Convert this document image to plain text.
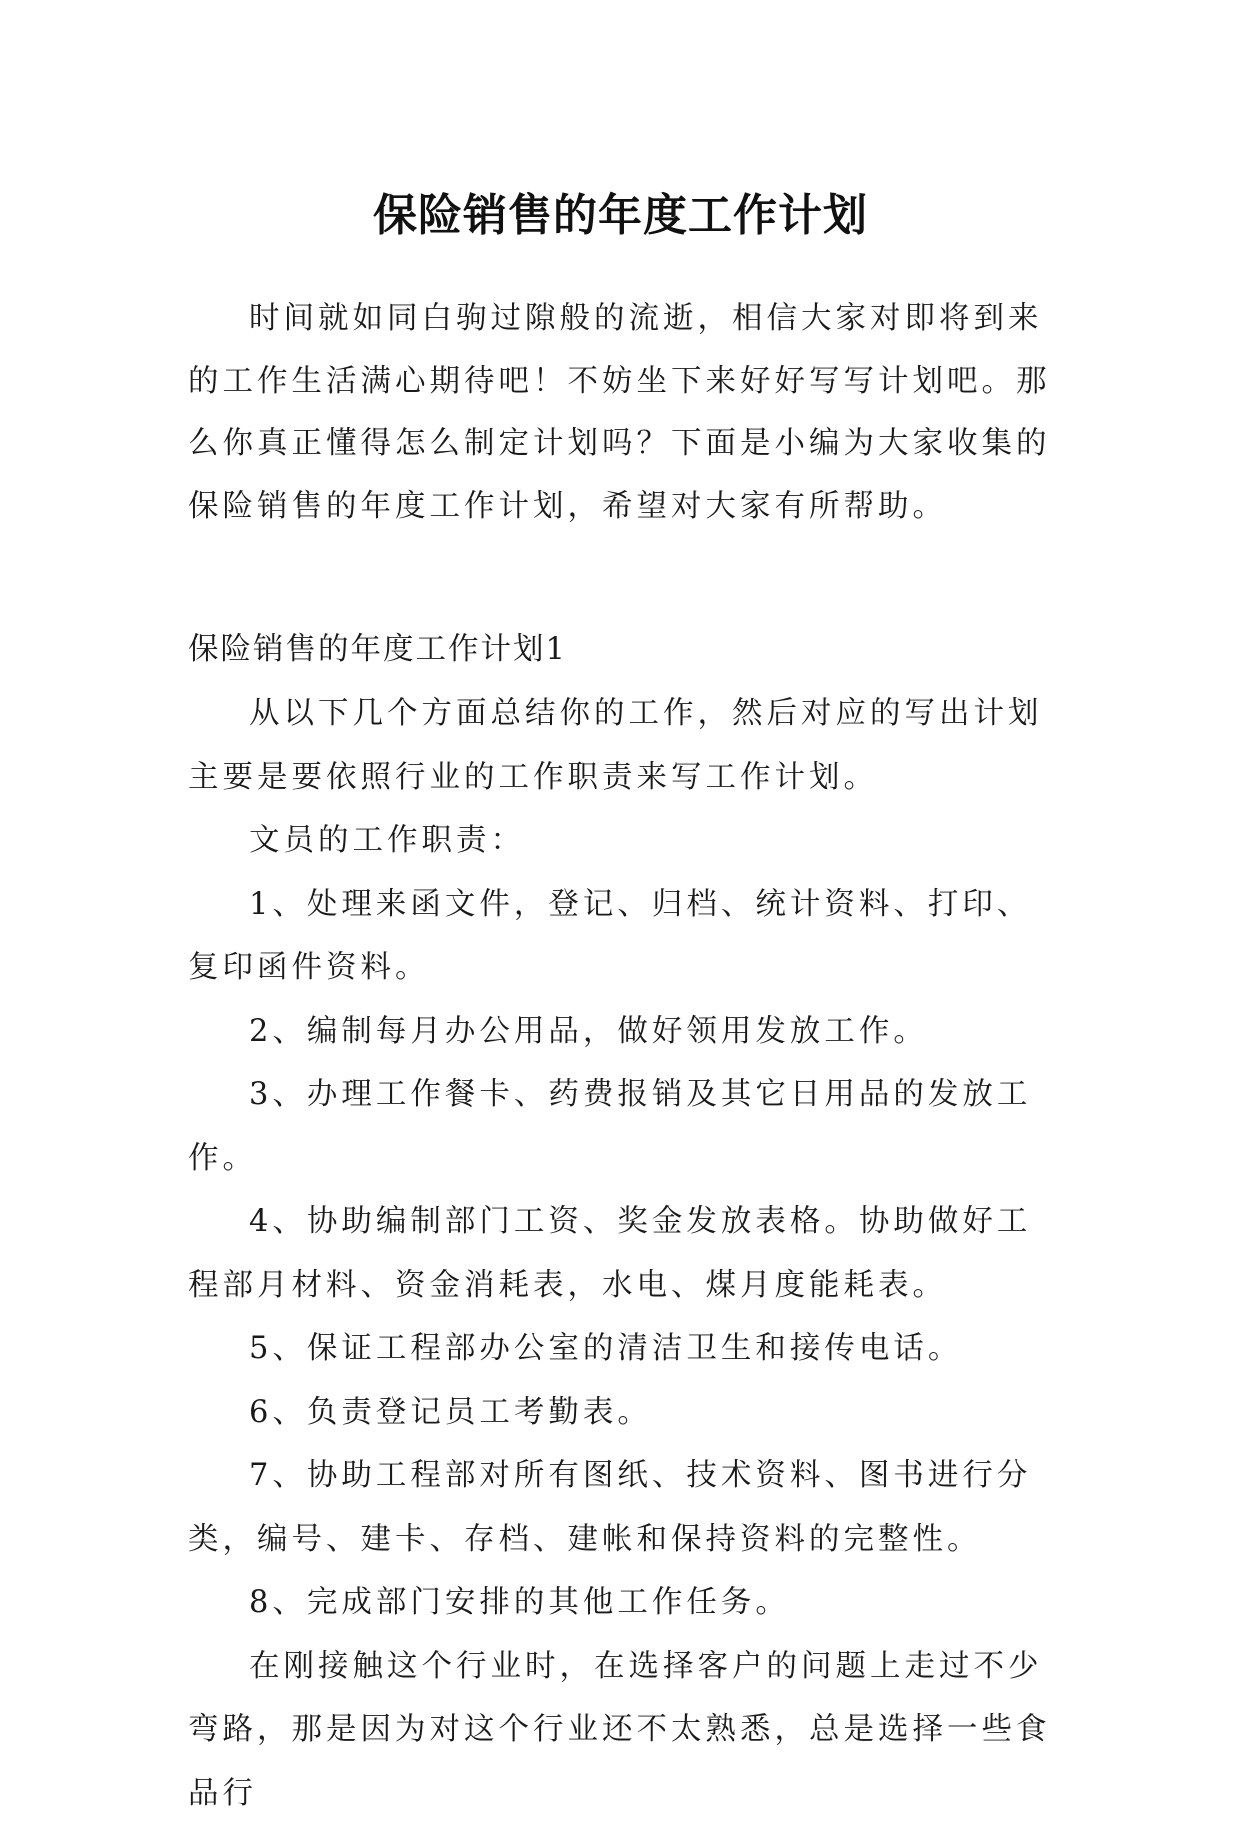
保险销售的年度工作计划

时间就如同白驹过隙般的流逝，相信大家对即将到来的工作生活满心期待吧！不妨坐下来好好写写计划吧。那么你真正懂得怎么制定计划吗？下面是小编为大家收集的保险销售的年度工作计划，希望对大家有所帮助。

保险销售的年度工作计划1

从以下几个方面总结你的工作，然后对应的写出计划主要是要依照行业的工作职责来写工作计划。

文员的工作职责：

1、处理来函文件，登记、归档、统计资料、打印、复印函件资料。

2、编制每月办公用品，做好领用发放工作。

3、办理工作餐卡、药费报销及其它日用品的发放工作。

4、协助编制部门工资、奖金发放表格。协助做好工程部月材料、资金消耗表，水电、煤月度能耗表。

5、保证工程部办公室的清洁卫生和接传电话。

6、负责登记员工考勤表。

7、协助工程部对所有图纸、技术资料、图书进行分类，编号、建卡、存档、建帐和保持资料的完整性。

8、完成部门安排的其他工作任务。

在刚接触这个行业时，在选择客户的问题上走过不少弯路，那是因为对这个行业还不太熟悉，总是选择一些食品行
